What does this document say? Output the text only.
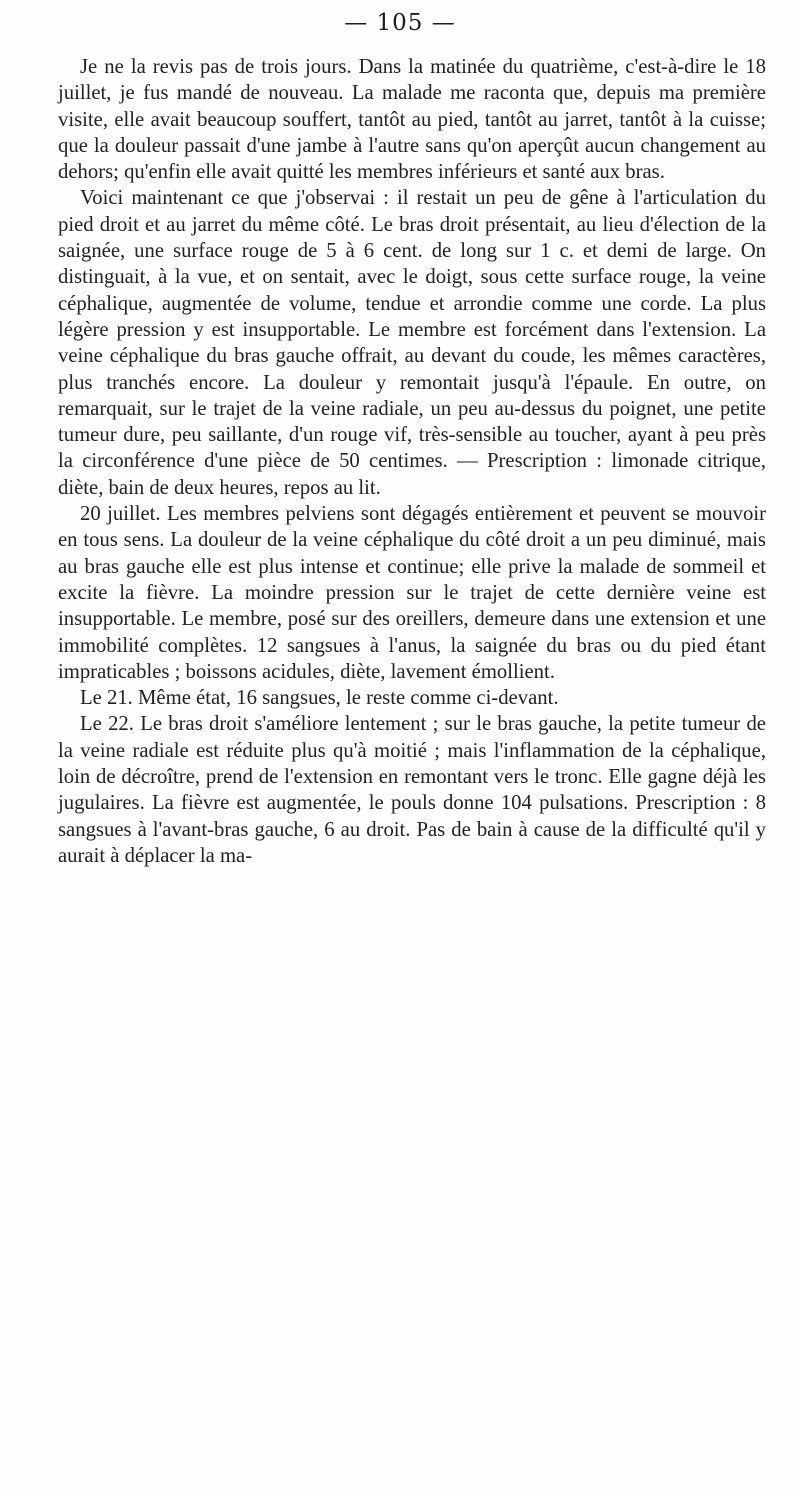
— 105 —

Je ne la revis pas de trois jours. Dans la matinée du quatrième, c'est-à-dire le 18 juillet, je fus mandé de nouveau. La malade me raconta que, depuis ma première visite, elle avait beaucoup souffert, tantôt au pied, tantôt au jarret, tantôt à la cuisse; que la douleur passait d'une jambe à l'autre sans qu'on aperçût aucun changement au dehors; qu'enfin elle avait quitté les membres inférieurs et santé aux bras.

Voici maintenant ce que j'observai : il restait un peu de gêne à l'articulation du pied droit et au jarret du même côté. Le bras droit présentait, au lieu d'élection de la saignée, une surface rouge de 5 à 6 cent. de long sur 1 c. et demi de large. On distinguait, à la vue, et on sentait, avec le doigt, sous cette surface rouge, la veine céphalique, augmentée de volume, tendue et arrondie comme une corde. La plus légère pression y est insupportable. Le membre est forcément dans l'extension. La veine céphalique du bras gauche offrait, au devant du coude, les mêmes caractères, plus tranchés encore. La douleur y remontait jusqu'à l'épaule. En outre, on remarquait, sur le trajet de la veine radiale, un peu au-dessus du poignet, une petite tumeur dure, peu saillante, d'un rouge vif, très-sensible au toucher, ayant à peu près la circonférence d'une pièce de 50 centimes. — Prescription : limonade citrique, diète, bain de deux heures, repos au lit.

20 juillet. Les membres pelviens sont dégagés entièrement et peuvent se mouvoir en tous sens. La douleur de la veine céphalique du côté droit a un peu diminué, mais au bras gauche elle est plus intense et continue; elle prive la malade de sommeil et excite la fièvre. La moindre pression sur le trajet de cette dernière veine est insupportable. Le membre, posé sur des oreillers, demeure dans une extension et une immobilité complètes. 12 sangsues à l'anus, la saignée du bras ou du pied étant impraticables ; boissons acidules, diète, lavement émollient.

Le 21. Même état, 16 sangsues, le reste comme ci-devant.

Le 22. Le bras droit s'améliore lentement ; sur le bras gauche, la petite tumeur de la veine radiale est réduite plus qu'à moitié ; mais l'inflammation de la céphalique, loin de décroître, prend de l'extension en remontant vers le tronc. Elle gagne déjà les jugulaires. La fièvre est augmentée, le pouls donne 104 pulsations. Prescription : 8 sangsues à l'avant-bras gauche, 6 au droit. Pas de bain à cause de la difficulté qu'il y aurait à déplacer la ma-
